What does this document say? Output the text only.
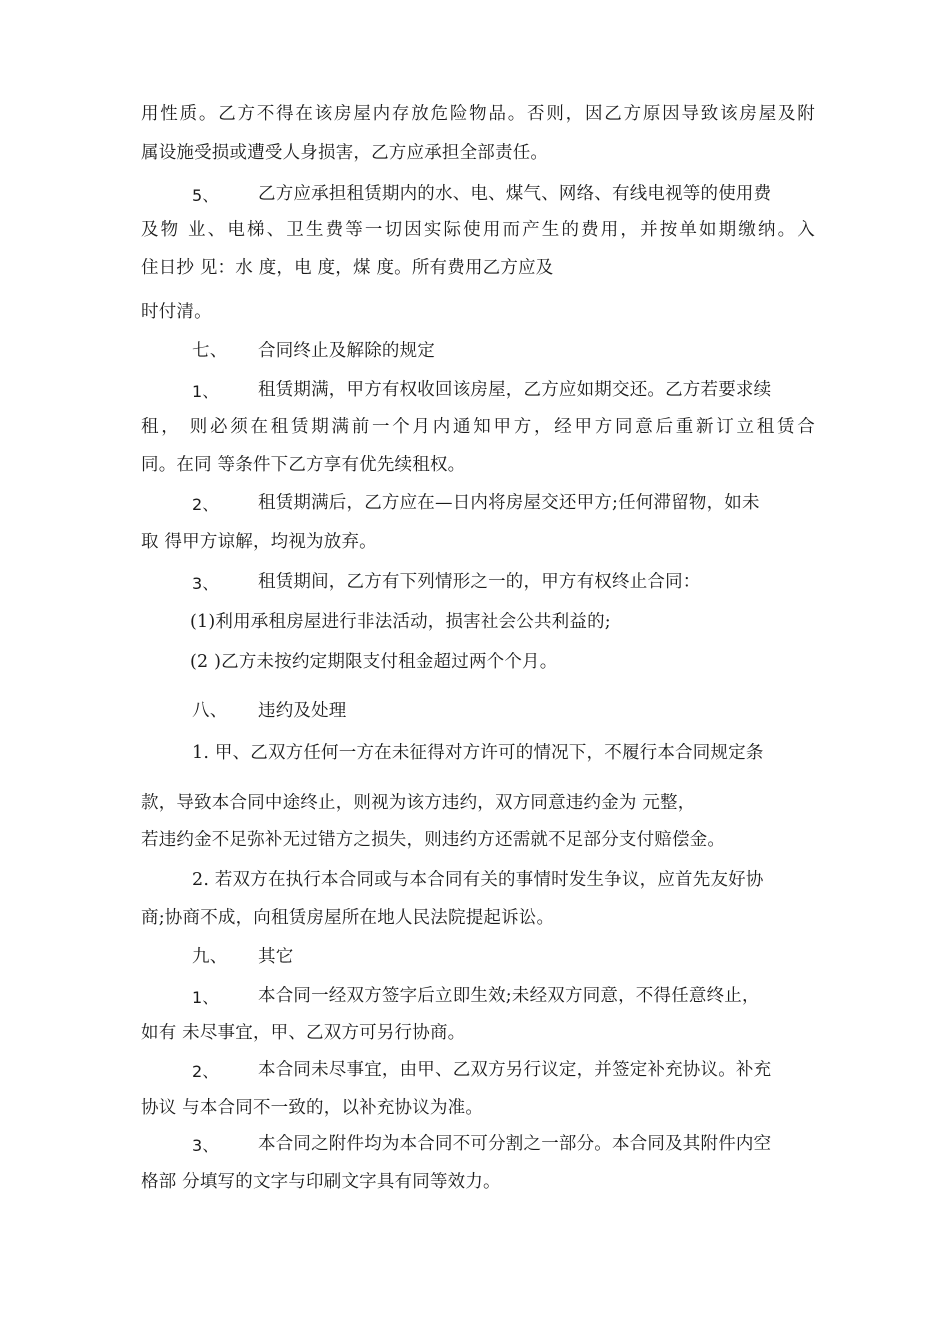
用性质。乙方不得在该房屋内存放危险物品。否则，因乙方原因导致该房屋及附
属设施受损或遭受人身损害，乙方应承担全部责任。
5、 乙方应承担租赁期内的水、电、煤气、网络、有线电视等的使用费
及物 业、电梯、卫生费等一切因实际使用而产生的费用，并按单如期缴纳。入
住日抄 见：水 度，电 度，煤 度。所有费用乙方应及
时付清。
七、 合同终止及解除的规定
1、 租赁期满，甲方有权收回该房屋，乙方应如期交还。乙方若要求续
租， 则必须在租赁期满前一个月内通知甲方，经甲方同意后重新订立租赁合
同。在同 等条件下乙方享有优先续租权。
2、 租赁期满后，乙方应在—日内将房屋交还甲方;任何滞留物，如未
取 得甲方谅解，均视为放弃。
3、 租赁期间，乙方有下列情形之一的，甲方有权终止合同：
(1)利用承租房屋进行非法活动，损害社会公共利益的;
(2 )乙方未按约定期限支付租金超过两个个月。
八、 违约及处理
1. 甲、乙双方任何一方在未征得对方许可的情况下，不履行本合同规定条
款，导致本合同中途终止，则视为该方违约，双方同意违约金为 元整，
若违约金不足弥补无过错方之损失，则违约方还需就不足部分支付赔偿金。
2. 若双方在执行本合同或与本合同有关的事情时发生争议，应首先友好协
商;协商不成，向租赁房屋所在地人民法院提起诉讼。
九、 其它
1、 本合同一经双方签字后立即生效;未经双方同意，不得任意终止，
如有 未尽事宜，甲、乙双方可另行协商。
2、 本合同未尽事宜，由甲、乙双方另行议定，并签定补充协议。补充
协议 与本合同不一致的，以补充协议为准。
3、 本合同之附件均为本合同不可分割之一部分。本合同及其附件内空
格部 分填写的文字与印刷文字具有同等效力。
